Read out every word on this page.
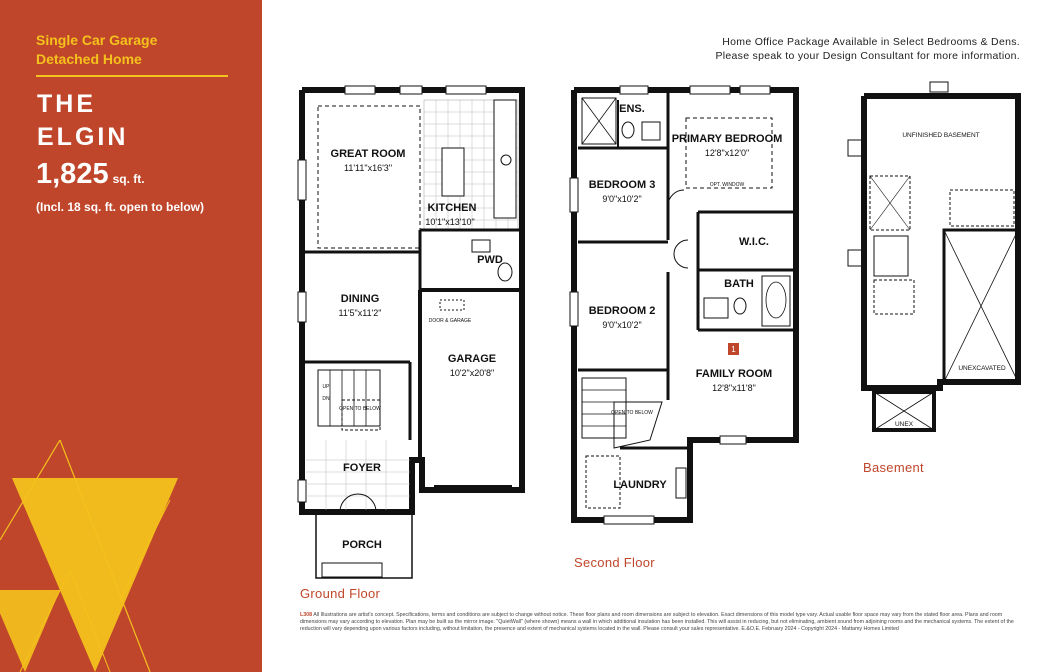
Single Car Garage
Detached Home
THE
ELGIN
1,825 sq. ft.
(Incl. 18 sq. ft. open to below)
Home Office Package Available in Select Bedrooms & Dens.
Please speak to your Design Consultant for more information.
GREAT ROOM
11'11"x16'3"
KITCHEN
10'1"x13'10"
PWD
DINING
11'5"x11'2"
GARAGE
10'2"x20'8"
FOYER
PORCH
OPEN TO BELOW
DOOR & GARAGE
UP
DN
ENS.
PRIMARY BEDROOM
12'8"x12'0"
BEDROOM 3
9'0"x10'2"
W.I.C.
BATH
BEDROOM 2
9'0"x10'2"
FAMILY ROOM
12'8"x11'8"
LAUNDRY
OPT. WINDOW
1
OPEN TO BELOW
UNFINISHED BASEMENT
UNEXCAVATED
UNEX
Ground Floor
Second Floor
Basement
L308 All Illustrations are artist's concept. Specifications, terms and conditions are subject to change without notice. These floor plans and room dimensions are subject to elevation. Exact dimensions of this model type vary. Actual usable floor space may vary from the stated floor area. Plans and room dimensions may vary according to elevation. Plan may be built as the mirror image. "QuietWall" (where shown) means a wall in which additional insulation has been installed. This will assist in reducing, but not eliminating, ambient sound from adjoining rooms and the mechanical systems. The extent of the reduction will vary depending upon various factors including, without limitation, the presence and extent of mechanical systems located in the wall. Please consult your sales representative. E.&O.E. February 2024 - Copyright 2024 - Mattamy Homes Limited
